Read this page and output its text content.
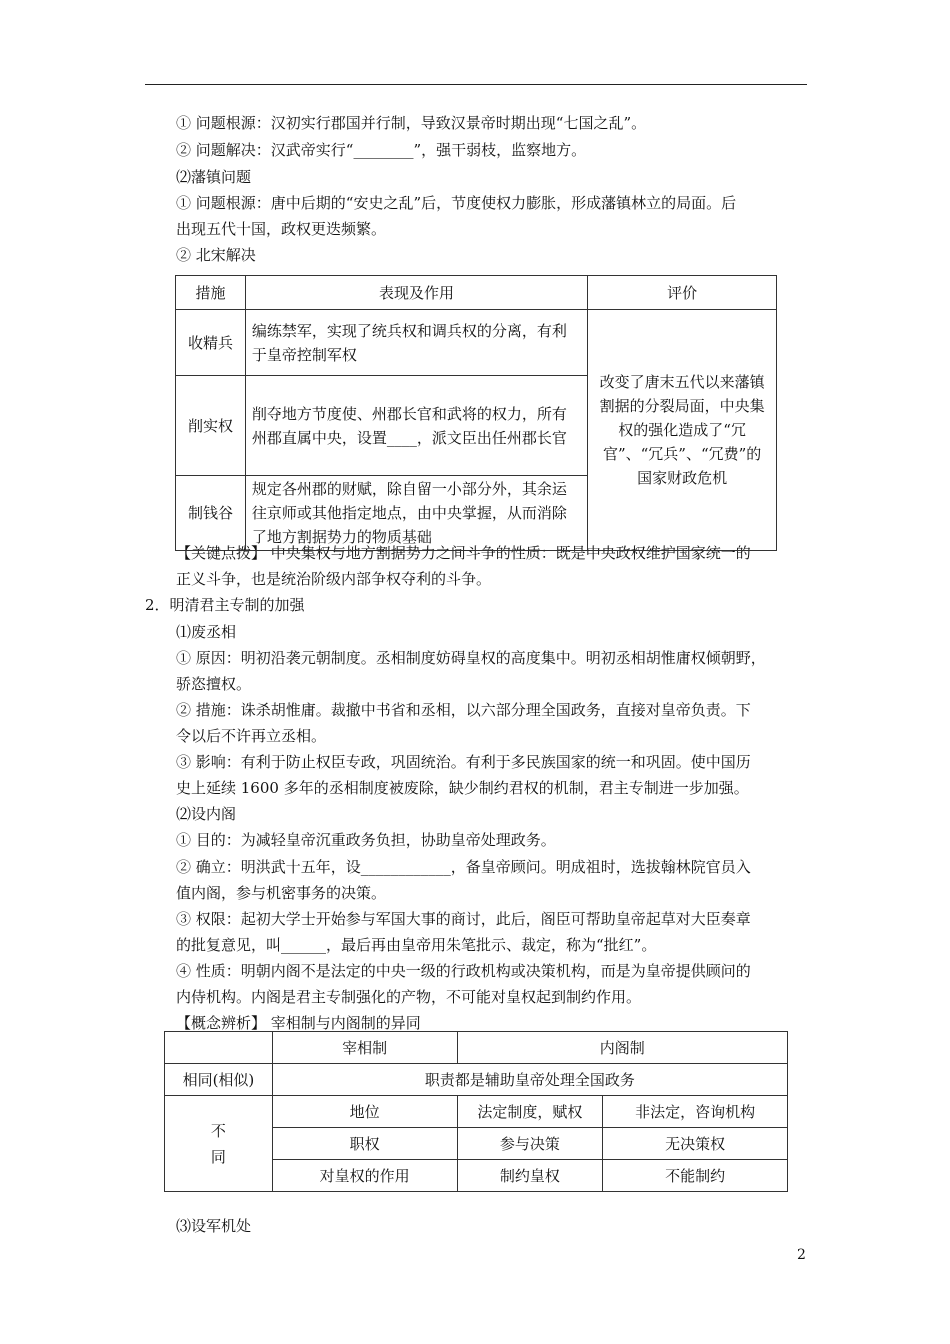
① 问题根源：汉初实行郡国并行制，导致汉景帝时期出现“七国之乱”。
② 问题解决：汉武帝实行“________”，强干弱枝，监察地方。
⑵藩镇问题
① 问题根源：唐中后期的“安史之乱”后，节度使权力膨胀，形成藩镇林立的局面。后
出现五代十国，政权更迭频繁。
② 北宋解决
【关键点拨】 中央集权与地方割据势力之间斗争的性质：既是中央政权维护国家统一的
正义斗争，也是统治阶级内部争权夺利的斗争。
2．明清君主专制的加强
⑴废丞相
① 原因：明初沿袭元朝制度。丞相制度妨碍皇权的高度集中。明初丞相胡惟庸权倾朝野，
骄恣擅权。
② 措施：诛杀胡惟庸。裁撤中书省和丞相，以六部分理全国政务，直接对皇帝负责。下
令以后不许再立丞相。
③ 影响：有利于防止权臣专政，巩固统治。有利于多民族国家的统一和巩固。使中国历
史上延续 1600 多年的丞相制度被废除，缺少制约君权的机制，君主专制进一步加强。
⑵设内阁
① 目的：为减轻皇帝沉重政务负担，协助皇帝处理政务。
② 确立：明洪武十五年，设____________，备皇帝顾问。明成祖时，选拔翰林院官员入
值内阁，参与机密事务的决策。
③ 权限：起初大学士开始参与军国大事的商讨，此后，阁臣可帮助皇帝起草对大臣奏章
的批复意见，叫______，最后再由皇帝用朱笔批示、裁定，称为“批红”。
④ 性质：明朝内阁不是法定的中央一级的行政机构或决策机构，而是为皇帝提供顾问的
内侍机构。内阁是君主专制强化的产物，不可能对皇权起到制约作用。
【概念辨析】 宰相制与内阁制的异同
⑶设军机处
措施	表现及作用	评价
收精兵	编练禁军，实现了统兵权和调兵权的分离，有利于皇帝控制军权	改变了唐末五代以来藩镇割据的分裂局面，中央集权的强化造成了“冗官”、“冗兵”、“冗费”的国家财政危机
削实权	削夺地方节度使、州郡长官和武将的权力，所有州郡直属中央，设置____，派文臣出任州郡长官	
制钱谷	规定各州郡的财赋，除自留一小部分外，其余运往京师或其他指定地点，由中央掌握，从而消除了地方割据势力的物质基础	
	宰相制	内阁制	
相同(相似)	职责都是辅助皇帝处理全国政务		

不
同	地位	法定制度，赋权	非法定，咨询机构
	职权	参与决策	无决策权
	对皇权的作用	制约皇权	不能制约
2
